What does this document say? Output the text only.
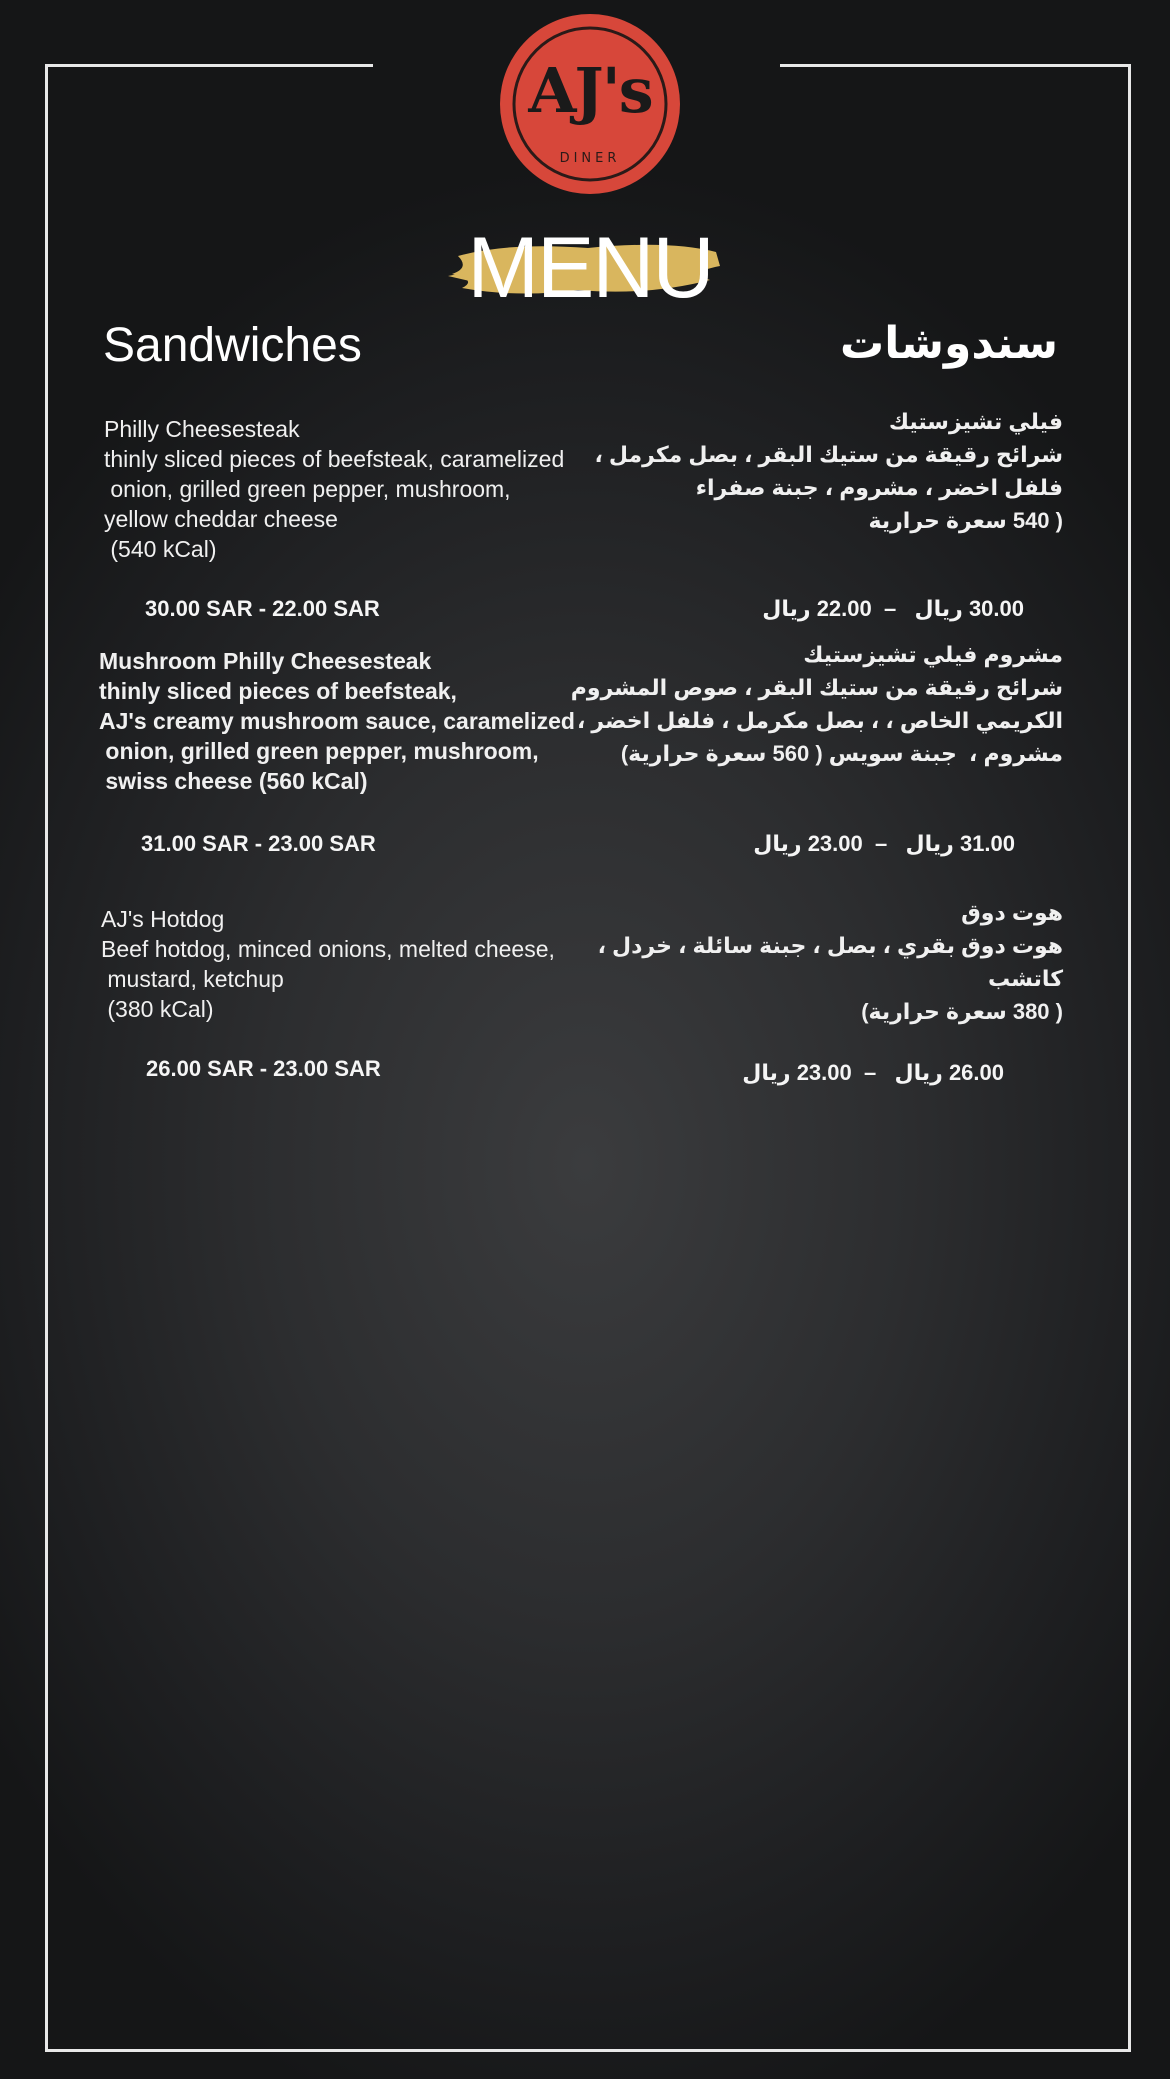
DINER
AJ's
MENU
Sandwiches	سندوشات
Philly Cheesesteak
thinly sliced pieces of beefsteak, caramelized
onion, grilled green pepper, mushroom,
yellow cheddar cheese
(540 kCal)
30.00 SAR - 22.00 SAR
فيلي تشيزستيك
شرائح رقيقة من ستيك البقر ، بصل مكرمل ،
فلفل اخضر ، مشروم ، جبنة صفراء
( 540 سعرة حرارية
30.00 ريال   –  22.00 ريال
Mushroom Philly Cheesesteak
thinly sliced pieces of beefsteak,
AJ's creamy mushroom sauce, caramelized
onion, grilled green pepper, mushroom,
swiss cheese (560 kCal)
31.00 SAR - 23.00 SAR
مشروم فيلي تشيزستيك
شرائح رقيقة من ستيك البقر ، صوص المشروم
الكريمي الخاص ، ، بصل مكرمل ، فلفل اخضر ،
مشروم ،  جبنة سويس ( 560 سعرة حرارية)
31.00 ريال   –  23.00 ريال
AJ's Hotdog
Beef hotdog, minced onions, melted cheese,
mustard, ketchup
(380 kCal)
26.00 SAR - 23.00 SAR
هوت دوق
هوت دوق بقري ، بصل ، جبنة سائلة ، خردل ،
كاتشب
( 380 سعرة حرارية)
26.00 ريال   –  23.00 ريال
